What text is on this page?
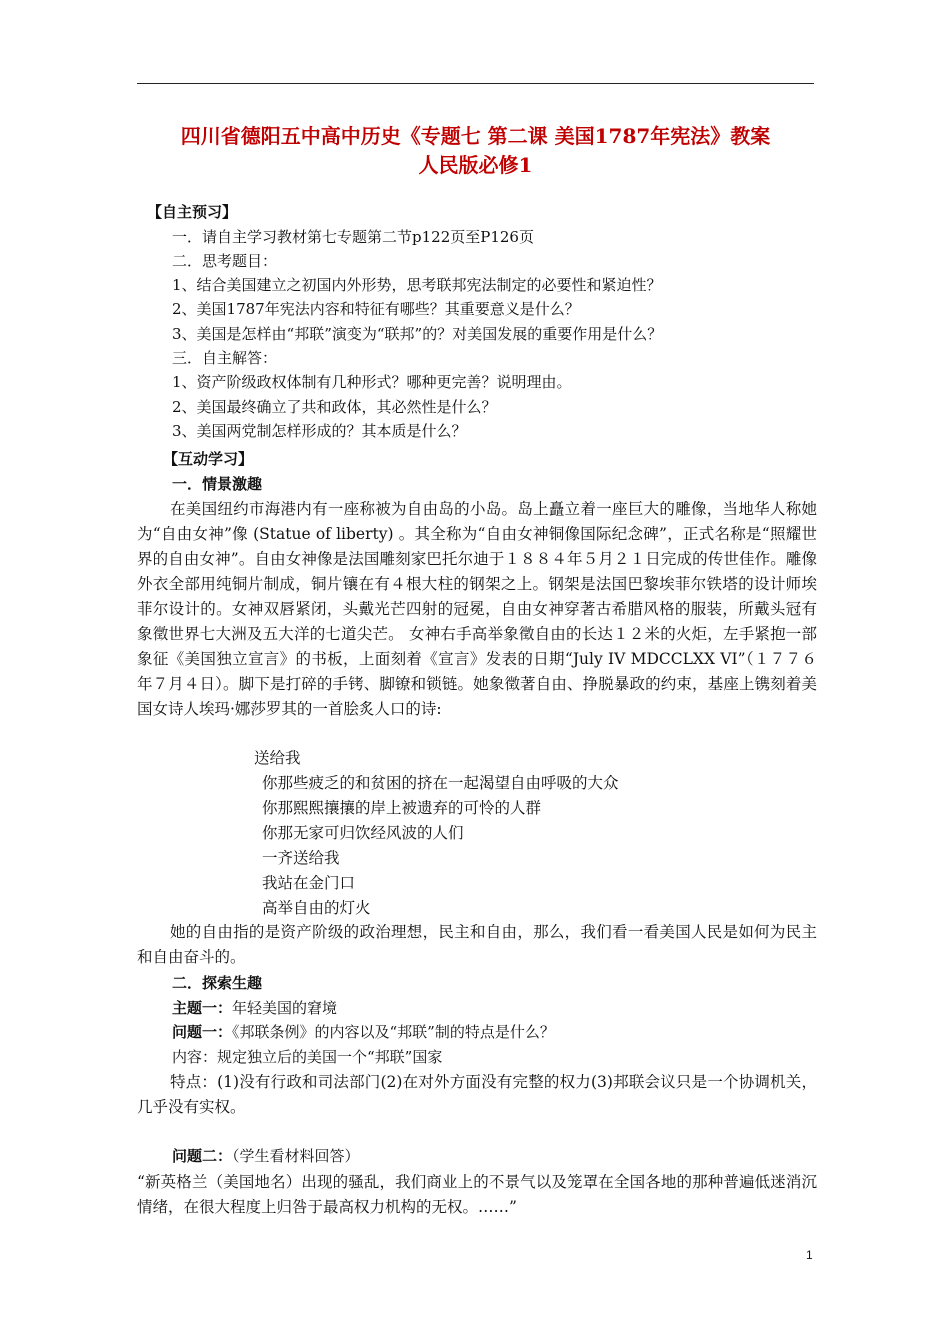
四川省德阳五中高中历史《专题七 第二课 美国1787年宪法》教案
人民版必修1
【自主预习】
一．请自主学习教材第七专题第二节p122页至P126页
二．思考题目：
1、结合美国建立之初国内外形势，思考联邦宪法制定的必要性和紧迫性？
2、美国1787年宪法内容和特征有哪些？其重要意义是什么？
3、美国是怎样由“邦联”演变为“联邦”的？对美国发展的重要作用是什么？
三．自主解答：
1、资产阶级政权体制有几种形式？哪种更完善？说明理由。
2、美国最终确立了共和政体，其必然性是什么？
3、美国两党制怎样形成的？其本质是什么？
【互动学习】
一．情景激趣

在美国纽约市海港内有一座称被为自由岛的小岛。岛上矗立着一座巨大的雕像，当地华人称她为“自由女神”像 (Statue of liberty) 。其全称为“自由女神铜像国际纪念碑”，正式名称是“照耀世界的自由女神”。自由女神像是法国雕刻家巴托尔迪于１８８４年５月２１日完成的传世佳作。雕像外衣全部用纯铜片制成，铜片镶在有４根大柱的钢架之上。钢架是法国巴黎埃菲尔铁塔的设计师埃菲尔设计的。女神双唇紧闭，头戴光芒四射的冠冕，自由女神穿著古希腊风格的服装，所戴头冠有象徵世界七大洲及五大洋的七道尖芒。 女神右手高举象徵自由的长达１２米的火炬，左手紧抱一部象征《美国独立宣言》的书板，上面刻着《宣言》发表的日期“July IV MDCCLXX VI”（１７７６年７月４日）。脚下是打碎的手铐、脚镣和锁链。她象徵著自由、挣脱暴政的约束，基座上镌刻着美国女诗人埃玛·娜莎罗其的一首脍炙人口的诗:

送给我
你那些疲乏的和贫困的挤在一起渴望自由呼吸的大众
你那熙熙攘攘的岸上被遗弃的可怜的人群
你那无家可归饮经风波的人们
一齐送给我
我站在金门口
高举自由的灯火

她的自由指的是资产阶级的政治理想，民主和自由，那么，我们看一看美国人民是如何为民主和自由奋斗的。

二．探索生趣
主题一：年轻美国的窘境
问题一：《邦联条例》的内容以及“邦联”制的特点是什么？
内容：规定独立后的美国一个“邦联”国家

特点：(1)没有行政和司法部门(2)在对外方面没有完整的权力(3)邦联会议只是一个协调机关，几乎没有实权。

问题二：（学生看材料回答）

“新英格兰（美国地名）出现的骚乱，我们商业上的不景气以及笼罩在全国各地的那种普遍低迷消沉情绪，在很大程度上归咎于最高权力机构的无权。……”

1
